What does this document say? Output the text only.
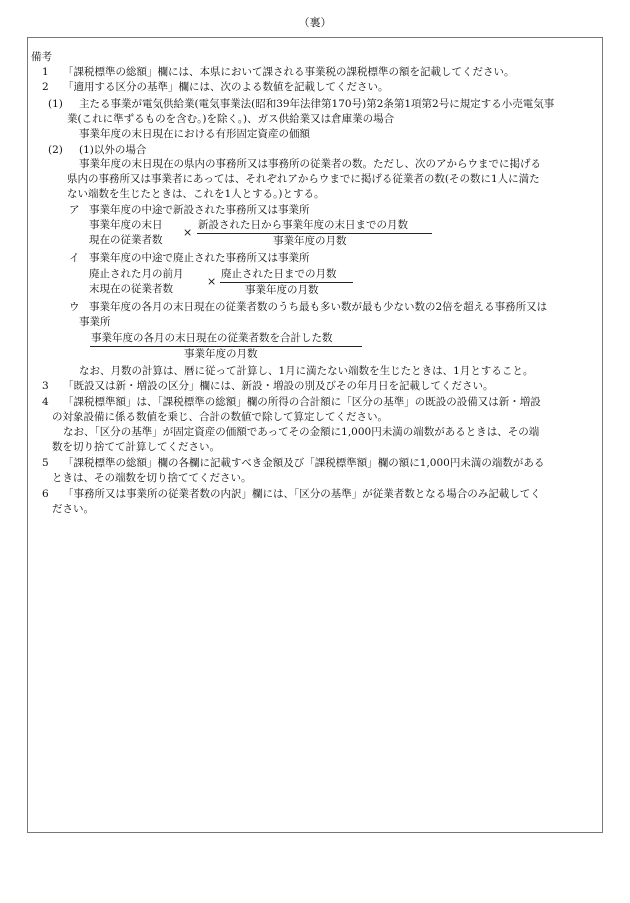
（裏）
備考
1 「課税標準の総額」欄には、本県において課される事業税の課税標準の額を記載してください。
2 「適用する区分の基準」欄には、次のよる数値を記載してください。
(1) 主たる事業が電気供給業(電気事業法(昭和39年法律第170号)第2条第1項第2号に規定する小売電気事
業(これに準ずるものを含む。)を除く。)、ガス供給業又は倉庫業の場合
事業年度の末日現在における有形固定資産の価額
(2) (1)以外の場合
事業年度の末日現在の県内の事務所又は事務所の従業者の数。ただし、次のアからウまでに掲げる
県内の事務所又は事業者にあっては、それぞれアからウまでに掲げる従業者の数(その数に1人に満た
ない端数を生じたときは、これを1人とする。)とする。
ア 事業年度の中途で新設された事務所又は事業所
事業年度の末日
現在の従業者数
×
新設された日から事業年度の末日までの月数
事業年度の月数
イ 事業年度の中途で廃止された事務所又は事業所
廃止された月の前月
末現在の従業者数
×
廃止された日までの月数
事業年度の月数
ウ 事業年度の各月の末日現在の従業者数のうち最も多い数が最も少ない数の2倍を超える事務所又は
事業所
事業年度の各月の末日現在の従業者数を合計した数
事業年度の月数
なお、月数の計算は、暦に従って計算し、1月に満たない端数を生じたときは、1月とすること。
3 「既設又は新・増設の区分」欄には、新設・増設の別及びその年月日を記載してください。
4 「課税標準額」は、「課税標準の総額」欄の所得の合計額に「区分の基準」の既設の設備又は新・増設
の対象設備に係る数値を乗じ、合計の数値で除して算定してください。
なお、「区分の基準」が固定資産の価額であってその金額に1,000円未満の端数があるときは、その端
数を切り捨てて計算してください。
5 「課税標準の総額」欄の各欄に記載すべき金額及び「課税標準額」欄の額に1,000円未満の端数がある
ときは、その端数を切り捨ててください。
6 「事務所又は事業所の従業者数の内訳」欄には、「区分の基準」が従業者数となる場合のみ記載してく
ださい。
